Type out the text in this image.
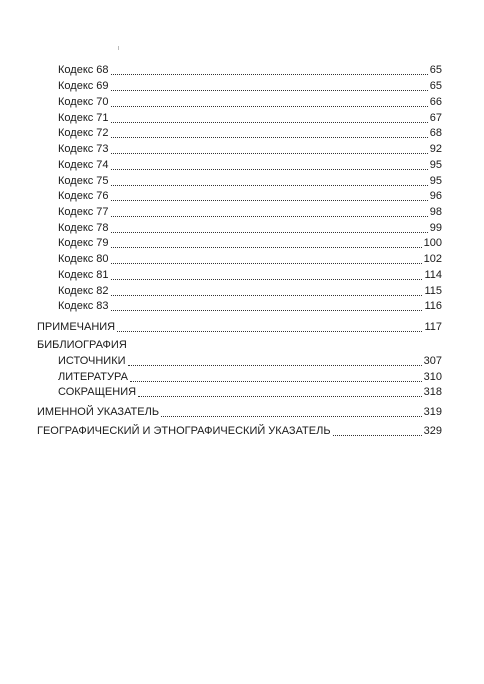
Кодекс 68	65
Кодекс 69	65
Кодекс 70	66
Кодекс 71	67
Кодекс 72	68
Кодекс 73	92
Кодекс 74	95
Кодекс 75	95
Кодекс 76	96
Кодекс 77	98
Кодекс 78	99
Кодекс 79	100
Кодекс 80	102
Кодекс 81	114
Кодекс 82	115
Кодекс 83	116
ПРИМЕЧАНИЯ	117
БИБЛИОГРАФИЯ
ИСТОЧНИКИ	307
ЛИТЕРАТУРА	310
СОКРАЩЕНИЯ	318
ИМЕННОЙ УКАЗАТЕЛЬ	319
ГЕОГРАФИЧЕСКИЙ И ЭТНОГРАФИЧЕСКИЙ УКАЗАТЕЛЬ	329
